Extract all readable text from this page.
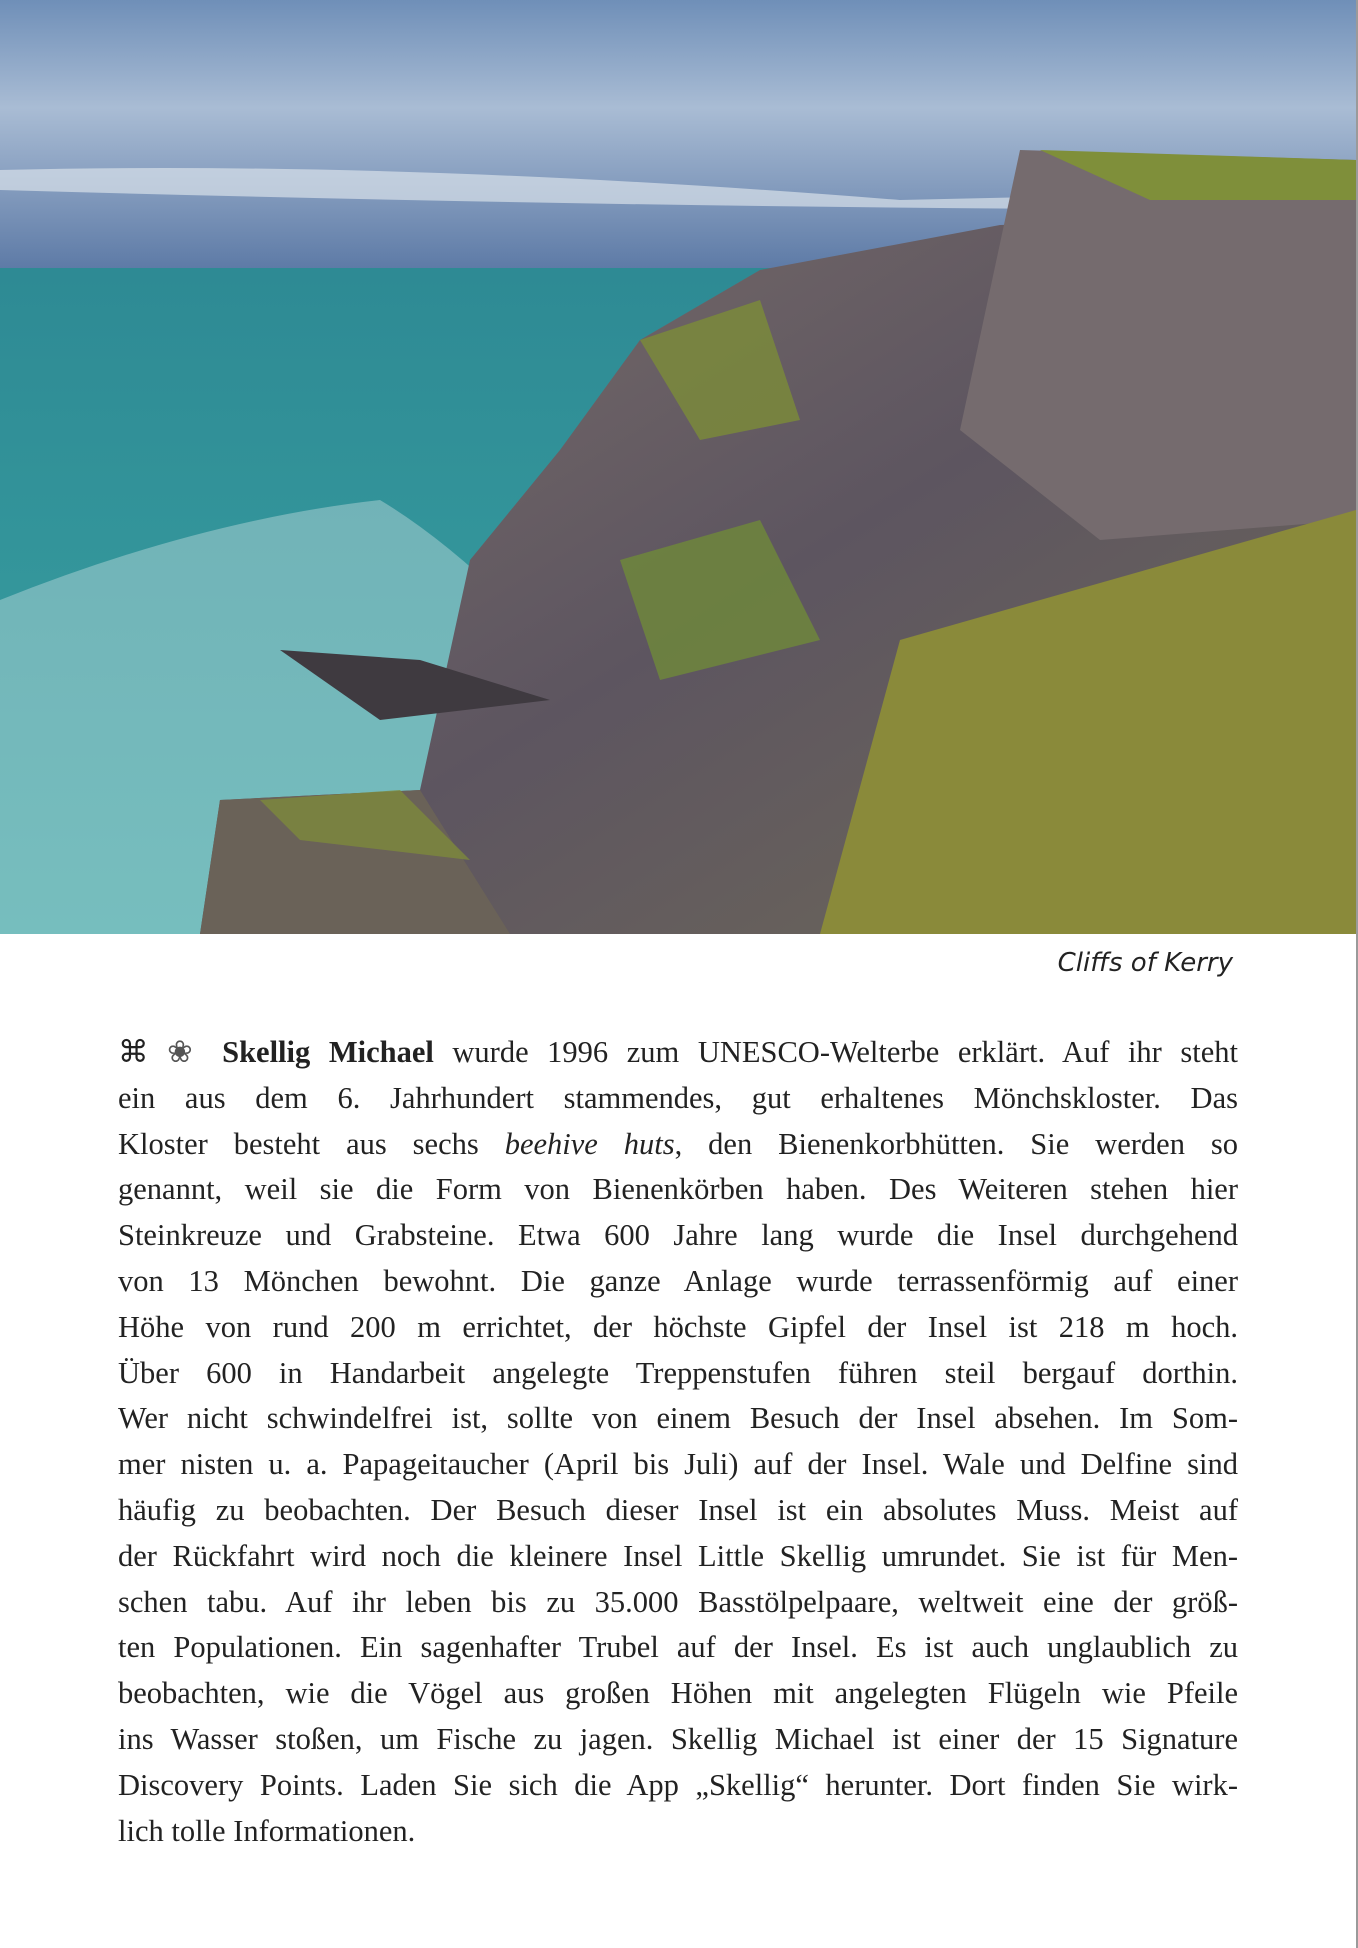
Cliffs of Kerry
⌘ ❀ Skellig Michael wurde 1996 zum UNESCO-Welterbe erklärt. Auf ihr steht
ein aus dem 6. Jahrhundert stammendes, gut erhaltenes Mönchskloster. Das
Kloster besteht aus sechs beehive huts, den Bienenkorbhütten. Sie werden so
genannt, weil sie die Form von Bienenkörben haben. Des Weiteren stehen hier
Steinkreuze und Grabsteine. Etwa 600 Jahre lang wurde die Insel durchgehend
von 13 Mönchen bewohnt. Die ganze Anlage wurde terrassenförmig auf einer
Höhe von rund 200 m errichtet, der höchste Gipfel der Insel ist 218 m hoch.
Über 600 in Handarbeit angelegte Treppenstufen führen steil bergauf dorthin.
Wer nicht schwindelfrei ist, sollte von einem Besuch der Insel absehen. Im Som-
mer nisten u. a. Papageitaucher (April bis Juli) auf der Insel. Wale und Delfine sind
häufig zu beobachten. Der Besuch dieser Insel ist ein absolutes Muss. Meist auf
der Rückfahrt wird noch die kleinere Insel Little Skellig umrundet. Sie ist für Men-
schen tabu. Auf ihr leben bis zu 35.000 Basstölpelpaare, weltweit eine der größ-
ten Populationen. Ein sagenhafter Trubel auf der Insel. Es ist auch unglaublich zu
beobachten, wie die Vögel aus großen Höhen mit angelegten Flügeln wie Pfeile
ins Wasser stoßen, um Fische zu jagen. Skellig Michael ist einer der 15 Signature
Discovery Points. Laden Sie sich die App „Skellig“ herunter. Dort finden Sie wirk-
lich tolle Informationen.
